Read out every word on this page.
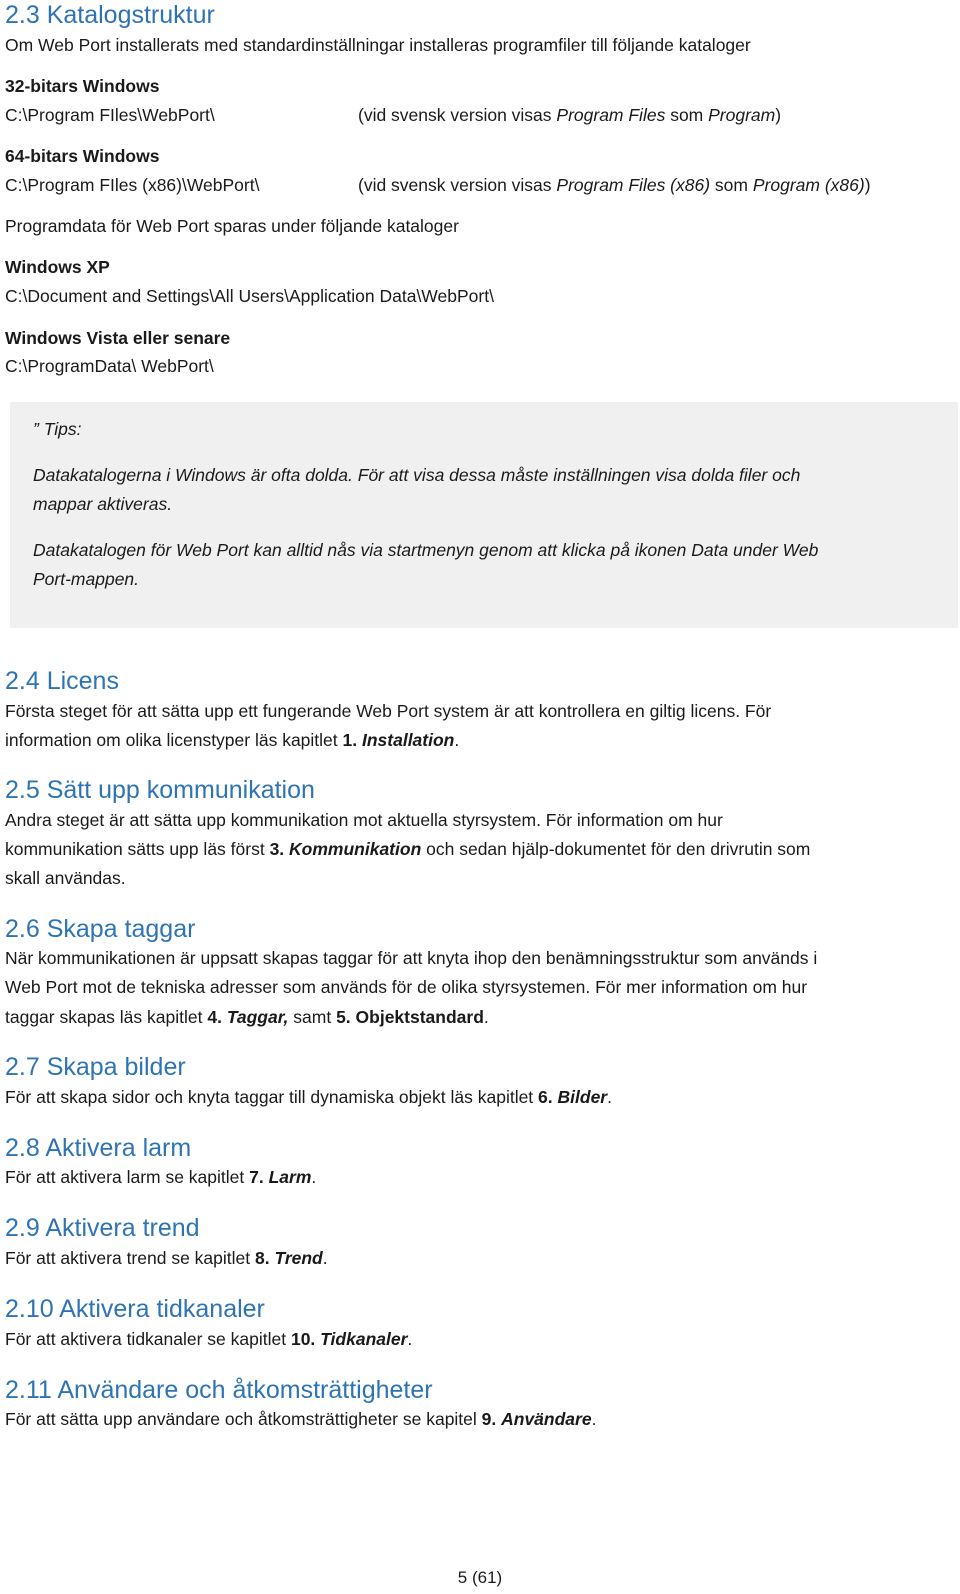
2.3 Katalogstruktur

Om Web Port installerats med standardinställningar installeras programfiler till följande kataloger

32-bitars Windows

C:\Program FIles\WebPort\	(vid svensk version visas Program Files som Program)

64-bitars Windows

C:\Program FIles (x86)\WebPort\	(vid svensk version visas Program Files (x86) som Program (x86))

Programdata för Web Port sparas under följande kataloger

Windows XP

C:\Document and Settings\All Users\Application Data\WebPort\

Windows Vista eller senare

C:\ProgramData\ WebPort\

” Tips:

Datakatalogerna i Windows är ofta dolda. För att visa dessa måste inställningen visa dolda filer och

mappar aktiveras.

Datakatalogen för Web Port kan alltid nås via startmenyn genom att klicka på ikonen Data under Web

Port-mappen.

2.4 Licens

Första steget för att sätta upp ett fungerande Web Port system är att kontrollera en giltig licens. För

information om olika licenstyper läs kapitlet 1. Installation.

2.5 Sätt upp kommunikation

Andra steget är att sätta upp kommunikation mot aktuella styrsystem. För information om hur

kommunikation sätts upp läs först 3. Kommunikation och sedan hjälp-dokumentet för den drivrutin som

skall användas.

2.6 Skapa taggar

När kommunikationen är uppsatt skapas taggar för att knyta ihop den benämningsstruktur som används i

Web Port mot de tekniska adresser som används för de olika styrsystemen. För mer information om hur

taggar skapas läs kapitlet 4. Taggar, samt 5. Objektstandard.

2.7 Skapa bilder

För att skapa sidor och knyta taggar till dynamiska objekt läs kapitlet 6. Bilder.

2.8 Aktivera larm

För att aktivera larm se kapitlet 7. Larm.

2.9 Aktivera trend

För att aktivera trend se kapitlet 8. Trend.

2.10 Aktivera tidkanaler

För att aktivera tidkanaler se kapitlet 10. Tidkanaler.

2.11 Användare och åtkomsträttigheter

För att sätta upp användare och åtkomsträttigheter se kapitel 9. Användare.

5 (61)
